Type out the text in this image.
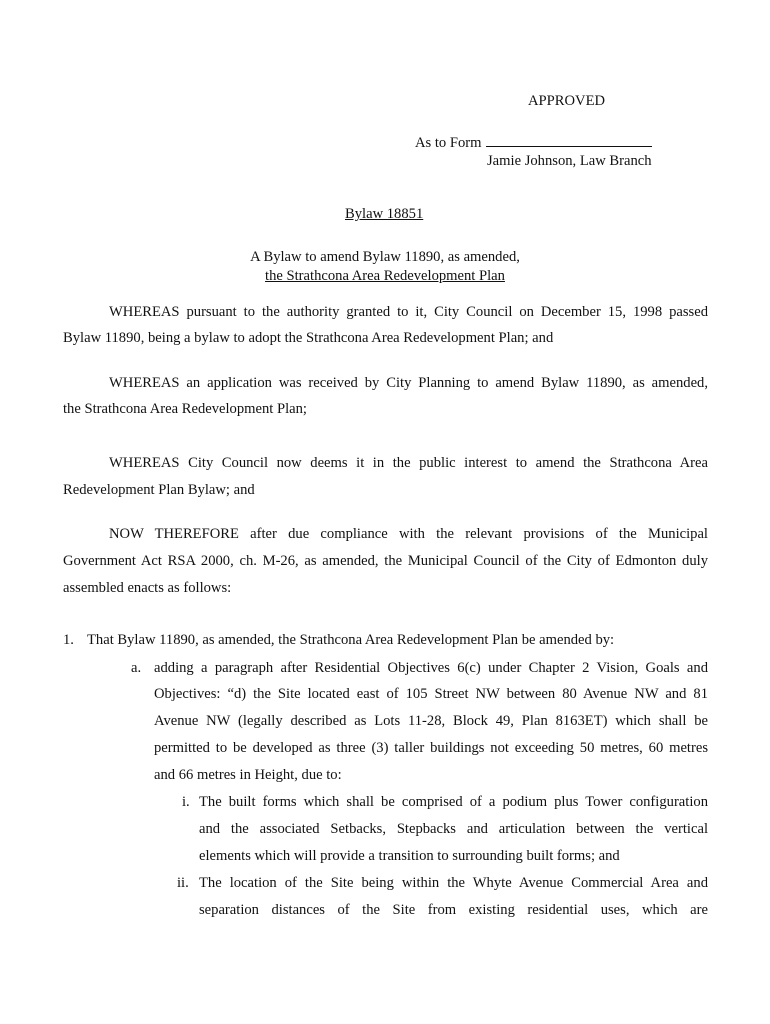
APPROVED
As to Form
Jamie Johnson, Law Branch
Bylaw 18851
A Bylaw to amend Bylaw 11890, as amended,
the Strathcona Area Redevelopment Plan
WHEREAS pursuant to the authority granted to it, City Council on December 15, 1998 passed
Bylaw 11890, being a bylaw to adopt the Strathcona Area Redevelopment Plan; and
WHEREAS an application was received by City Planning to amend Bylaw 11890, as amended,
the Strathcona Area Redevelopment Plan;
WHEREAS City Council now deems it in the public interest to amend the Strathcona Area
Redevelopment Plan Bylaw; and
NOW THEREFORE after due compliance with the relevant provisions of the Municipal
Government Act RSA 2000, ch. M-26, as amended, the Municipal Council of the City of Edmonton duly
assembled enacts as follows:
1. That Bylaw 11890, as amended, the Strathcona Area Redevelopment Plan be amended by:
a. adding a paragraph after Residential Objectives 6(c) under Chapter 2 Vision, Goals and
Objectives: “d) the Site located east of 105 Street NW between 80 Avenue NW and 81
Avenue NW (legally described as Lots 11-28, Block 49, Plan 8163ET) which shall be
permitted to be developed as three (3) taller buildings not exceeding 50 metres, 60 metres
and 66 metres in Height, due to:
i. The built forms which shall be comprised of a podium plus Tower configuration
and the associated Setbacks, Stepbacks and articulation between the vertical
elements which will provide a transition to surrounding built forms; and
ii. The location of the Site being within the Whyte Avenue Commercial Area and
separation distances of the Site from existing residential uses, which are
